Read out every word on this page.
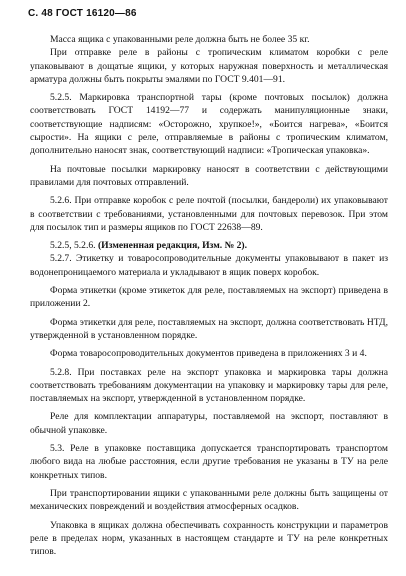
С. 48 ГОСТ 16120—86

Масса ящика с упакованными реле должна быть не более 35 кг.

При отправке реле в районы с тропическим климатом коробки с реле упаковывают в дощатые ящики, у которых наружная поверхность и металлическая арматура должны быть покрыты эмалями по ГОСТ 9.401—91.

5.2.5. Маркировка транспортной тары (кроме почтовых посылок) должна соответствовать ГОСТ 14192—77 и содержать манипуляционные знаки, соответствующие надписям: «Осторожно, хрупкое!», «Боится нагрева», «Боится сырости». На ящики с реле, отправляемые в районы с тропическим климатом, дополнительно наносят знак, соответствующий надписи: «Тропическая упаковка».

На почтовые посылки маркировку наносят в соответствии с действующими правилами для почтовых отправлений.

5.2.6. При отправке коробок с реле почтой (посылки, бандероли) их упаковывают в соответствии с требованиями, установленными для почтовых перевозок. При этом для посылок тип и размеры ящиков по ГОСТ 22638—89.

5.2.5, 5.2.6. (Измененная редакция, Изм. № 2).

5.2.7. Этикетку и товаросопроводительные документы упаковывают в пакет из водонепроницаемого материала и укладывают в ящик поверх коробок.

Форма этикетки (кроме этикеток для реле, поставляемых на экспорт) приведена в приложении 2.

Форма этикетки для реле, поставляемых на экспорт, должна соответствовать НТД, утвержденной в установленном порядке.

Форма товаросопроводительных документов приведена в приложениях 3 и 4.

5.2.8. При поставках реле на экспорт упаковка и маркировка тары должна соответствовать требованиям документации на упаковку и маркировку тары для реле, поставляемых на экспорт, утвержденной в установленном порядке.

Реле для комплектации аппаратуры, поставляемой на экспорт, поставляют в обычной упаковке.

5.3. Реле в упаковке поставщика допускается транспортировать транспортом любого вида на любые расстояния, если другие требования не указаны в ТУ на реле конкретных типов.

При транспортировании ящики с упакованными реле должны быть защищены от механических повреждений и воздействия атмосферных осадков.

Упаковка в ящиках должна обеспечивать сохранность конструкции и параметров реле в пределах норм, указанных в настоящем стандарте и ТУ на реле конкретных типов.
